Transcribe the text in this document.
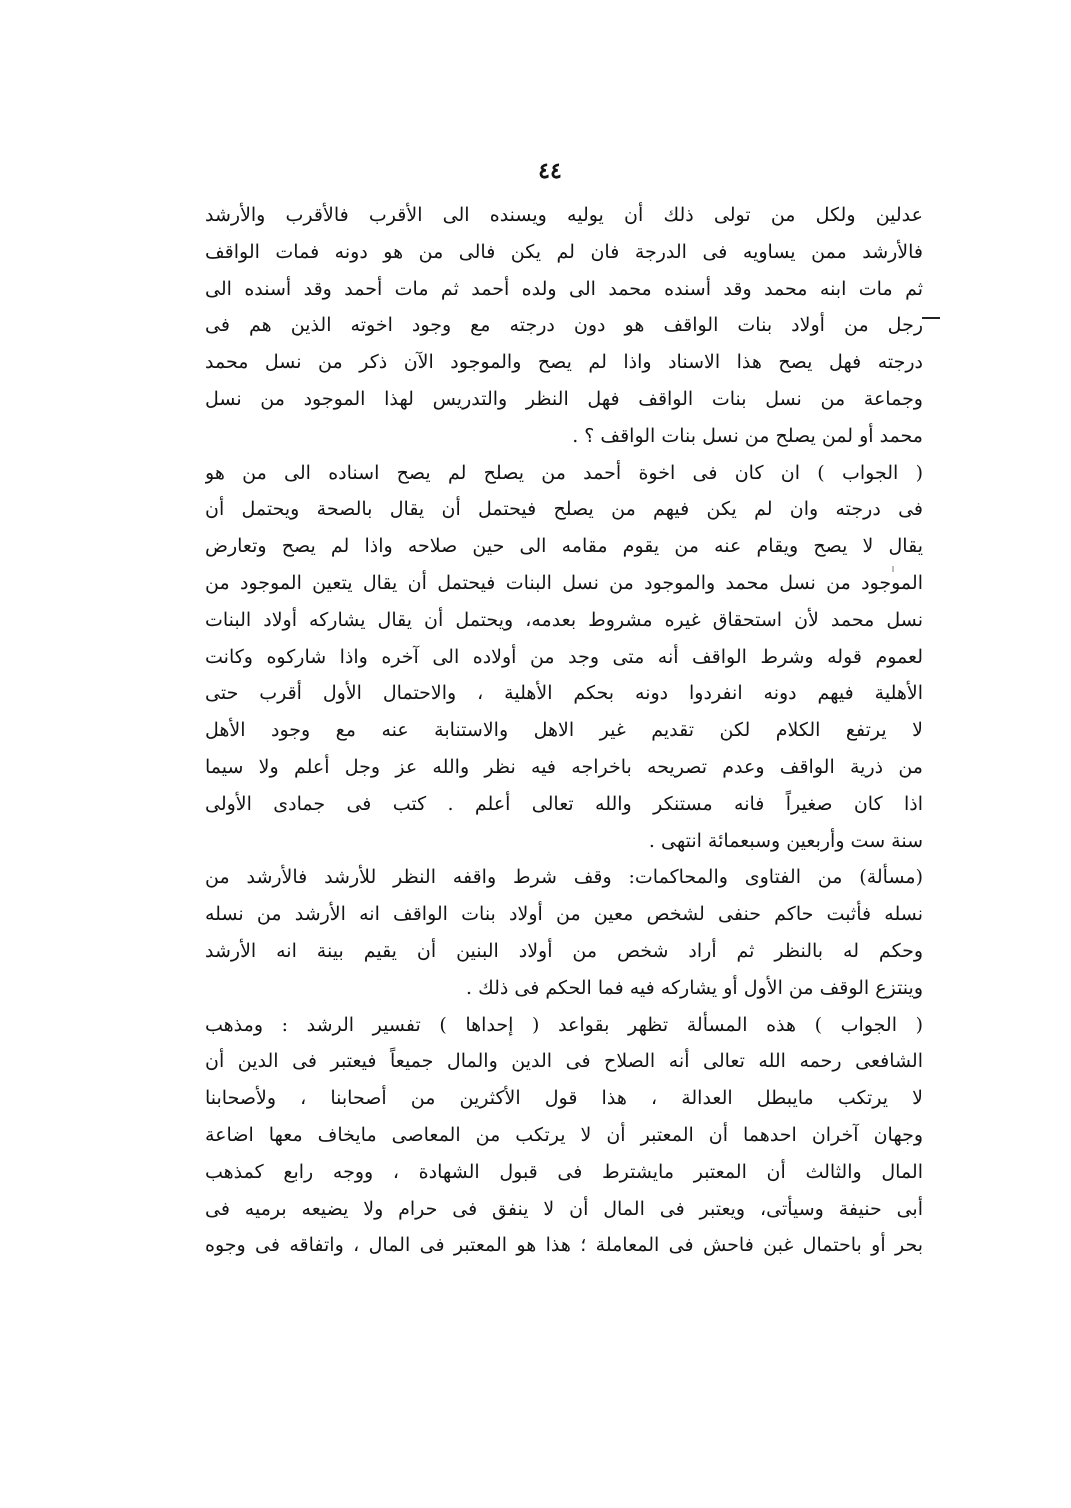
٤٤
عدلين ولكل من تولى ذلك أن يوليه ويسنده الى الأقرب فالأقرب والأرشد
فالأرشد ممن يساويه فى الدرجة فان لم يكن فالى من هو دونه فمات الواقف
ثم مات ابنه محمد وقد أسنده محمد الى ولده أحمد ثم مات أحمد وقد أسنده الى
رجل من أولاد بنات الواقف هو دون درجته مع وجود اخوته الذين هم فى
درجته فهل يصح هذا الاسناد واذا لم يصح والموجود الآن ذكر من نسل محمد
وجماعة من نسل بنات الواقف فهل النظر والتدريس لهذا الموجود من نسل
محمد أو لمن يصلح من نسل بنات الواقف ؟ .
( الجواب ) ان كان فى اخوة أحمد من يصلح لم يصح اسناده الى من هو
فى درجته وان لم يكن فيهم من يصلح فيحتمل أن يقال بالصحة ويحتمل أن
يقال لا يصح ويقام عنه من يقوم مقامه الى حين صلاحه واذا لم يصح وتعارض
الموجود من نسل محمد والموجود من نسل البنات فيحتمل أن يقال يتعين الموجود من
نسل محمد لأن استحقاق غيره مشروط بعدمه، ويحتمل أن يقال يشاركه أولاد البنات
لعموم قوله وشرط الواقف أنه متى وجد من أولاده الى آخره واذا شاركوه وكانت
الأهلية فيهم دونه انفردوا دونه بحكم الأهلية ، والاحتمال الأول أقرب حتى
لا يرتفع الكلام لكن تقديم غير الاهل والاستنابة عنه مع وجود الأهل
من ذرية الواقف وعدم تصريحه باخراجه فيه نظر والله عز وجل أعلم ولا سيما
اذا كان صغيراً فانه مستنكر والله تعالى أعلم . كتب فى جمادى الأولى
سنة ست وأربعين وسبعمائة انتهى .
(مسألة) من الفتاوى والمحاكمات: وقف شرط واقفه النظر للأرشد فالأرشد من
نسله فأثبت حاكم حنفى لشخص معين من أولاد بنات الواقف انه الأرشد من نسله
وحكم له بالنظر ثم أراد شخص من أولاد البنين أن يقيم بينة انه الأرشد
وينتزع الوقف من الأول أو يشاركه فيه فما الحكم فى ذلك .
( الجواب ) هذه المسألة تظهر بقواعد ( إحداها ) تفسير الرشد : ومذهب
الشافعى رحمه الله تعالى أنه الصلاح فى الدين والمال جميعاً فيعتبر فى الدين أن
لا يرتكب مايبطل العدالة ، هذا قول الأكثرين من أصحابنا ، ولأصحابنا
وجهان آخران احدهما أن المعتبر أن لا يرتكب من المعاصى مايخاف معها اضاعة
المال والثالث أن المعتبر مايشترط فى قبول الشهادة ، ووجه رابع كمذهب
أبى حنيفة وسيأتى، ويعتبر فى المال أن لا ينفق فى حرام ولا يضيعه برميه فى
بحر أو باحتمال غبن فاحش فى المعاملة ؛ هذا هو المعتبر فى المال ، واتفاقه فى وجوه
